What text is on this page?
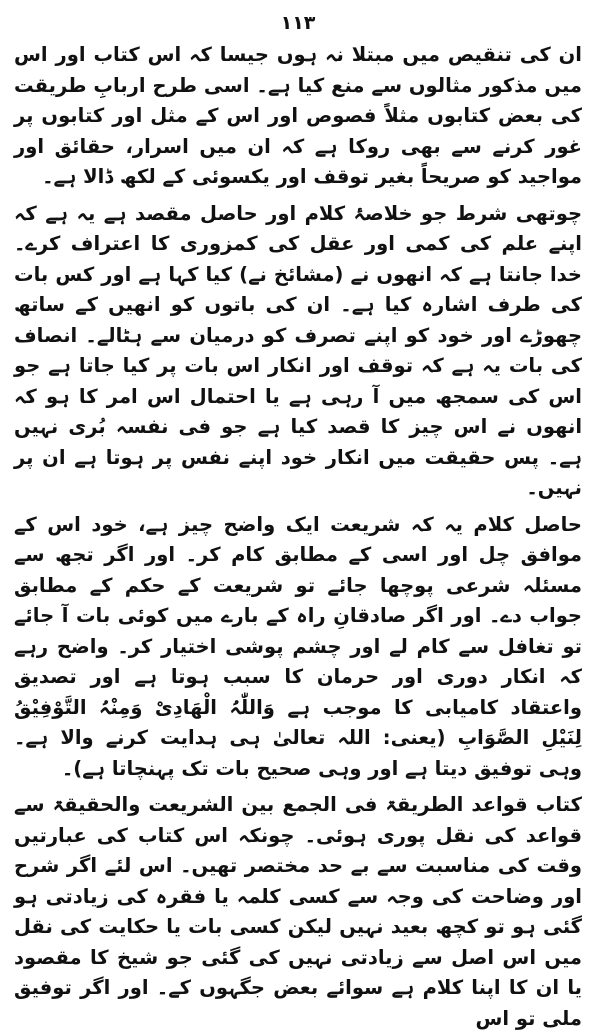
۱۱۳

ان کی تنقیص میں مبتلا نہ ہوں جیسا کہ اس کتاب اور اس میں مذکور مثالوں سے منع کیا ہے۔ اسی طرح اربابِ طریقت کی بعض کتابوں مثلاً فصوص اور اس کے مثل اور کتابوں پر غور کرنے سے بھی روکا ہے کہ ان میں اسرار، حقائق اور مواجید کو صریحاً بغیر توقف اور یکسوئی کے لکھ ڈالا ہے۔

چوتھی شرط جو خلاصۂ کلام اور حاصل مقصد ہے یہ ہے کہ اپنے علم کی کمی اور عقل کی کمزوری کا اعتراف کرے۔ خدا جانتا ہے کہ انھوں نے (مشائخ نے) کیا کہا ہے اور کس بات کی طرف اشارہ کیا ہے۔ ان کی باتوں کو انھیں کے ساتھ چھوڑے اور خود کو اپنے تصرف کو درمیان سے ہٹالے۔ انصاف کی بات یہ ہے کہ توقف اور انکار اس بات پر کیا جاتا ہے جو اس کی سمجھ میں آ رہی ہے یا احتمال اس امر کا ہو کہ انھوں نے اس چیز کا قصد کیا ہے جو فی نفسہ بُری نہیں ہے۔ پس حقیقت میں انکار خود اپنے نفس پر ہوتا ہے ان پر نہیں۔

حاصل کلام یہ کہ شریعت ایک واضح چیز ہے، خود اس کے موافق چل اور اسی کے مطابق کام کر۔ اور اگر تجھ سے مسئلہ شرعی پوچھا جائے تو شریعت کے حکم کے مطابق جواب دے۔ اور اگر صادقانِ راہ کے بارے میں کوئی بات آ جائے تو تغافل سے کام لے اور چشم پوشی اختیار کر۔ واضح رہے کہ انکار دوری اور حرمان کا سبب ہوتا ہے اور تصدیق واعتقاد کامیابی کا موجب ہے وَاللّٰہُ الْھَادِیْ وَمِنْہُ التَّوْفِیْقُ لِنَیْلِ الصَّوَابِ (یعنی: اللہ تعالیٰ ہی ہدایت کرنے والا ہے۔ وہی توفیق دیتا ہے اور وہی صحیح بات تک پہنچاتا ہے)۔

کتاب قواعد الطریقۃ فی الجمع بین الشریعت والحقیقۃ سے قواعد کی نقل پوری ہوئی۔ چونکہ اس کتاب کی عبارتیں وقت کی مناسبت سے بے حد مختصر تھیں۔ اس لئے اگر شرح اور وضاحت کی وجہ سے کسی کلمہ یا فقرہ کی زیادتی ہو گئی ہو تو کچھ بعید نہیں لیکن کسی بات یا حکایت کی نقل میں اس اصل سے زیادتی نہیں کی گئی جو شیخ کا مقصود یا ان کا اپنا کلام ہے سوائے بعض جگہوں کے۔ اور اگر توفیق ملی تو اس
